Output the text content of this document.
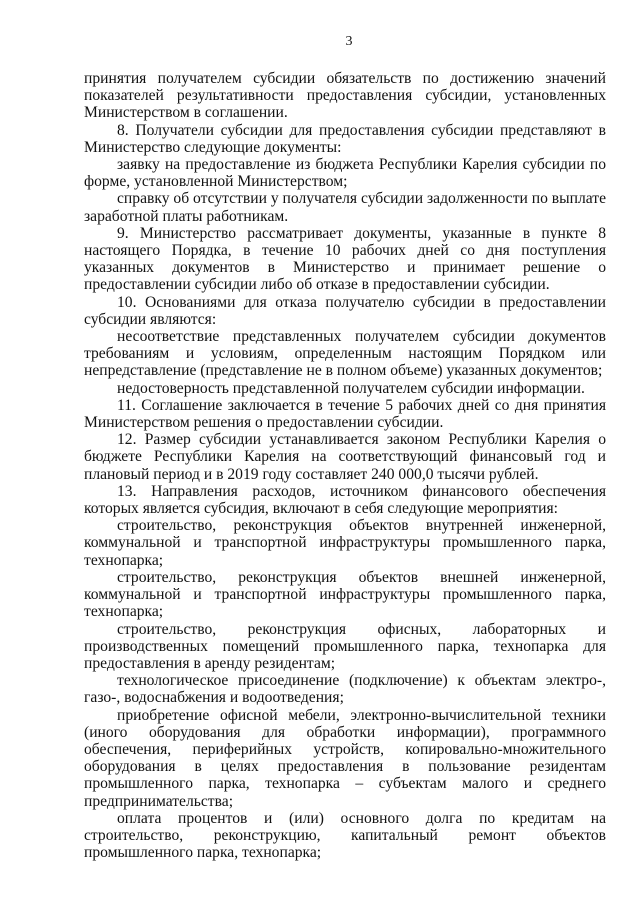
3

принятия получателем субсидии обязательств по достижению значений показателей результативности предоставления субсидии, установленных Министерством в соглашении.

8. Получатели субсидии для предоставления субсидии представляют в Министерство следующие документы:

заявку на предоставление из бюджета Республики Карелия субсидии по форме, установленной Министерством;

справку об отсутствии у получателя субсидии задолженности по выплате заработной платы работникам.

9. Министерство рассматривает документы, указанные в пункте 8 настоящего Порядка, в течение 10 рабочих дней со дня поступления указанных документов в Министерство и принимает решение о предоставлении субсидии либо об отказе в предоставлении субсидии.

10. Основаниями для отказа получателю субсидии в предоставлении субсидии являются:

несоответствие представленных получателем субсидии документов требованиям и условиям, определенным настоящим Порядком или непредставление (представление не в полном объеме) указанных документов;

недостоверность представленной получателем субсидии информации.

11. Соглашение заключается в течение 5 рабочих дней со дня принятия Министерством решения о предоставлении субсидии.

12. Размер субсидии устанавливается законом Республики Карелия о бюджете Республики Карелия на соответствующий финансовый год и плановый период и в 2019 году составляет 240 000,0 тысячи рублей.

13. Направления расходов, источником финансового обеспечения которых является субсидия, включают в себя следующие мероприятия:

строительство, реконструкция объектов внутренней инженерной, коммунальной и транспортной инфраструктуры промышленного парка, технопарка;

строительство, реконструкция объектов внешней инженерной, коммунальной и транспортной инфраструктуры промышленного парка, технопарка;

строительство, реконструкция офисных, лабораторных и производственных помещений промышленного парка, технопарка для предоставления в аренду резидентам;

технологическое присоединение (подключение) к объектам электро-, газо-, водоснабжения и водоотведения;

приобретение офисной мебели, электронно-вычислительной техники (иного оборудования для обработки информации), программного обеспечения, периферийных устройств, копировально-множительного оборудования в целях предоставления в пользование резидентам промышленного парка, технопарка – субъектам малого и среднего предпринимательства;

оплата процентов и (или) основного долга по кредитам на строительство, реконструкцию, капитальный ремонт объектов промышленного парка, технопарка;
